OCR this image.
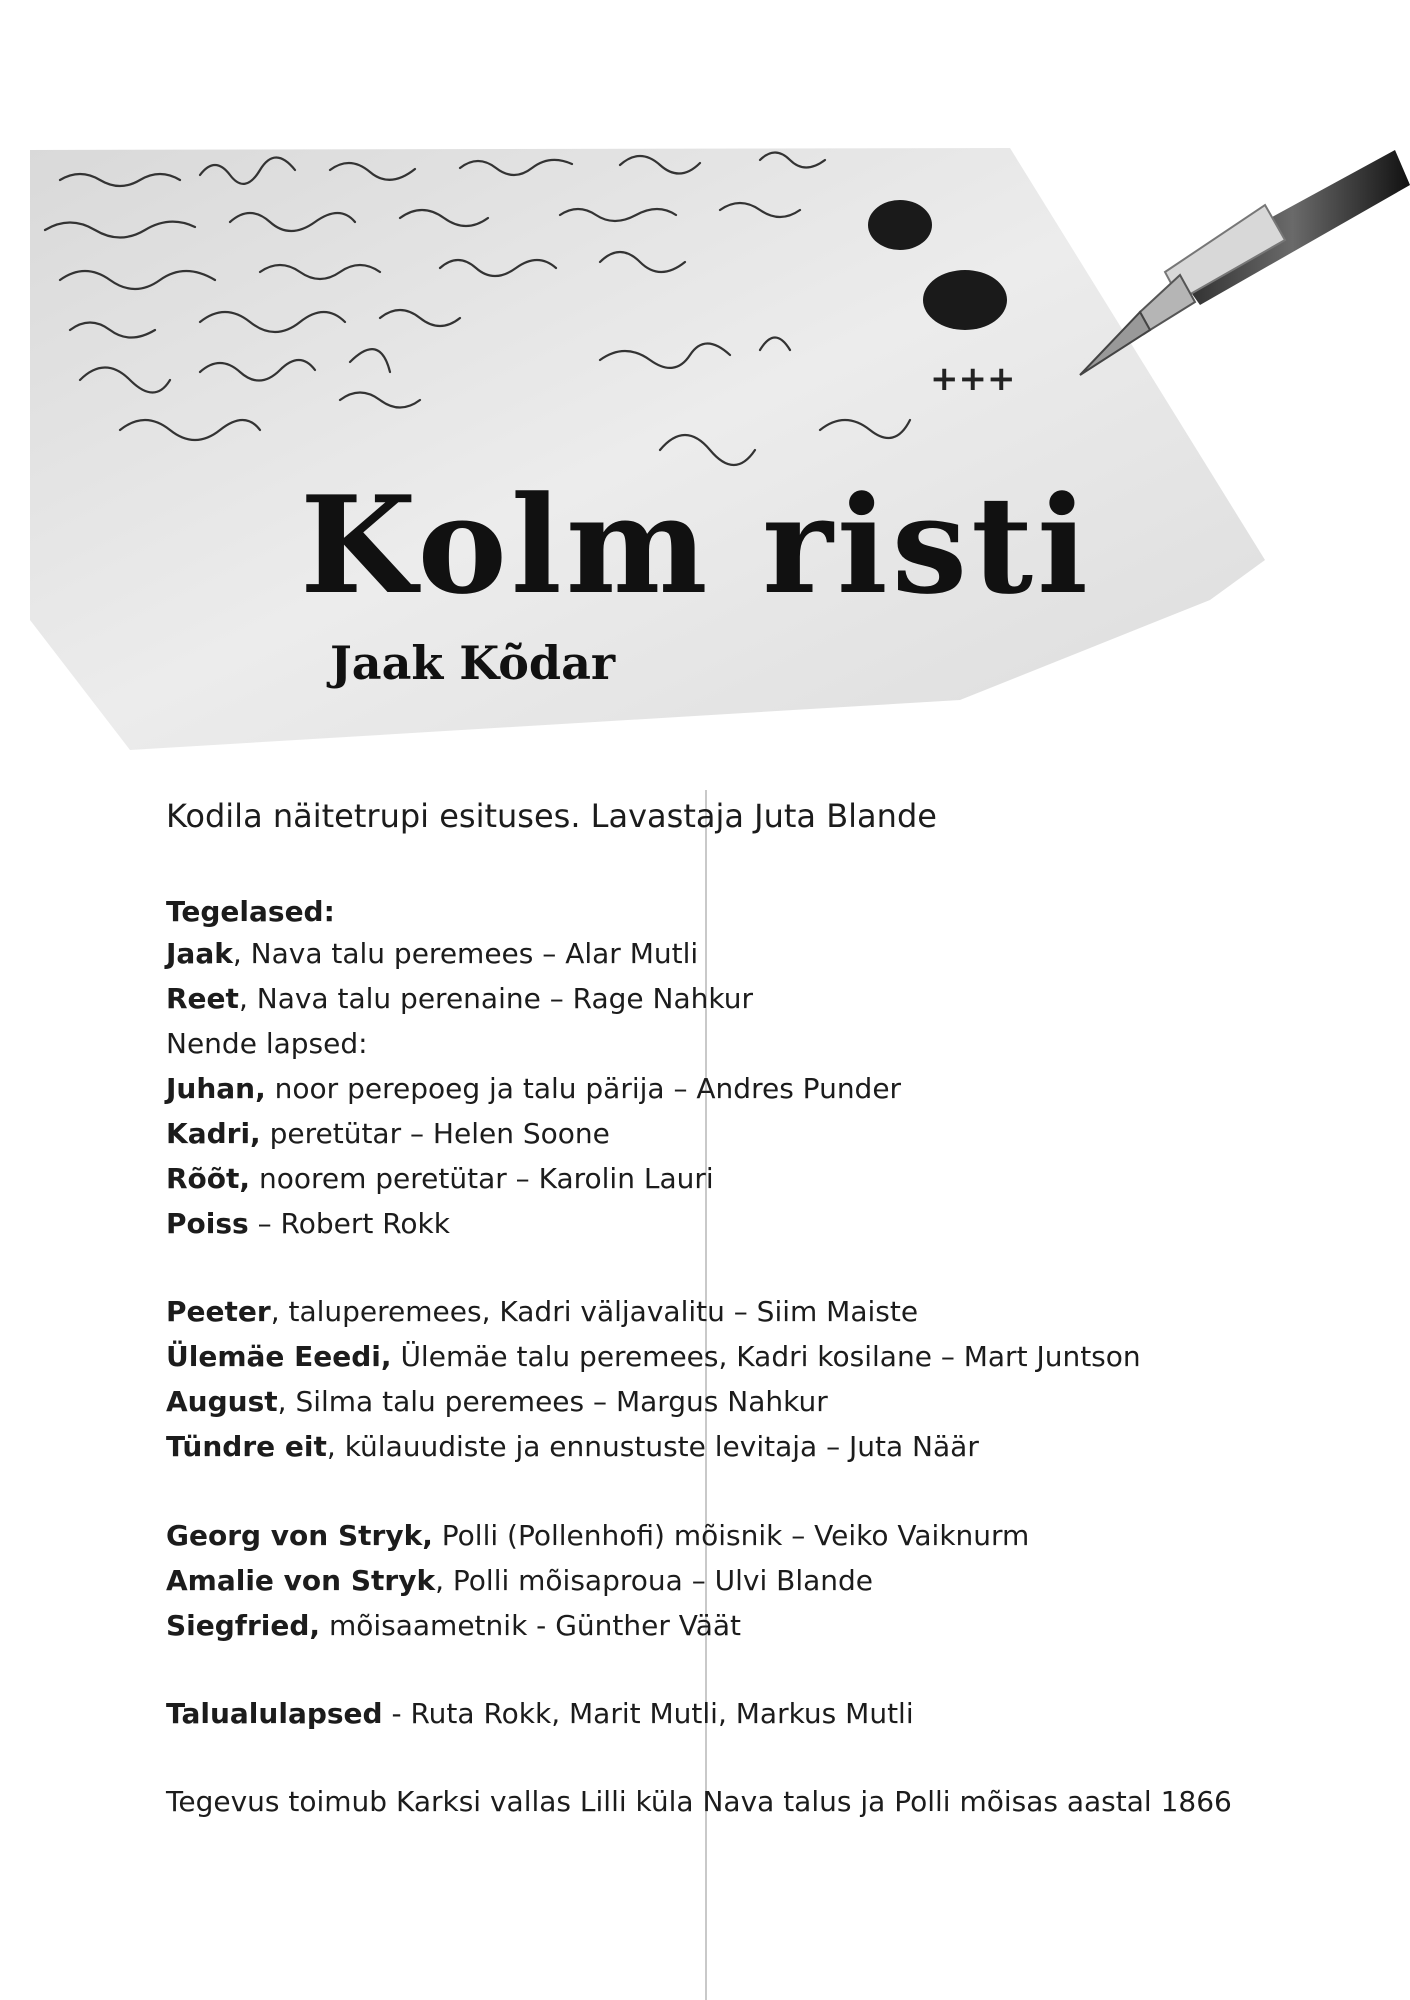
+++
Kolm risti
Jaak Kõdar
Kodila näitetrupi esituses. Lavastaja Juta Blande
Tegelased:
Jaak, Nava talu peremees – Alar Mutli
Reet, Nava talu perenaine – Rage Nahkur
Nende lapsed:
Juhan, noor perepoeg ja talu pärija – Andres Punder
Kadri, peretütar – Helen Soone
Rõõt, noorem peretütar – Karolin Lauri
Poiss – Robert Rokk
Peeter, taluperemees, Kadri väljavalitu – Siim Maiste
Ülemäe Eeedi, Ülemäe talu peremees, Kadri kosilane – Mart Juntson
August, Silma talu peremees – Margus Nahkur
Tündre eit, külauudiste ja ennustuste levitaja – Juta Näär
Georg von Stryk, Polli (Pollenhofi) mõisnik – Veiko Vaiknurm
Amalie von Stryk, Polli mõisaproua – Ulvi Blande
Siegfried, mõisaametnik - Günther Väät
Talualulapsed - Ruta Rokk, Marit Mutli, Markus Mutli
Tegevus toimub Karksi vallas Lilli küla Nava talus ja Polli mõisas aastal 1866
